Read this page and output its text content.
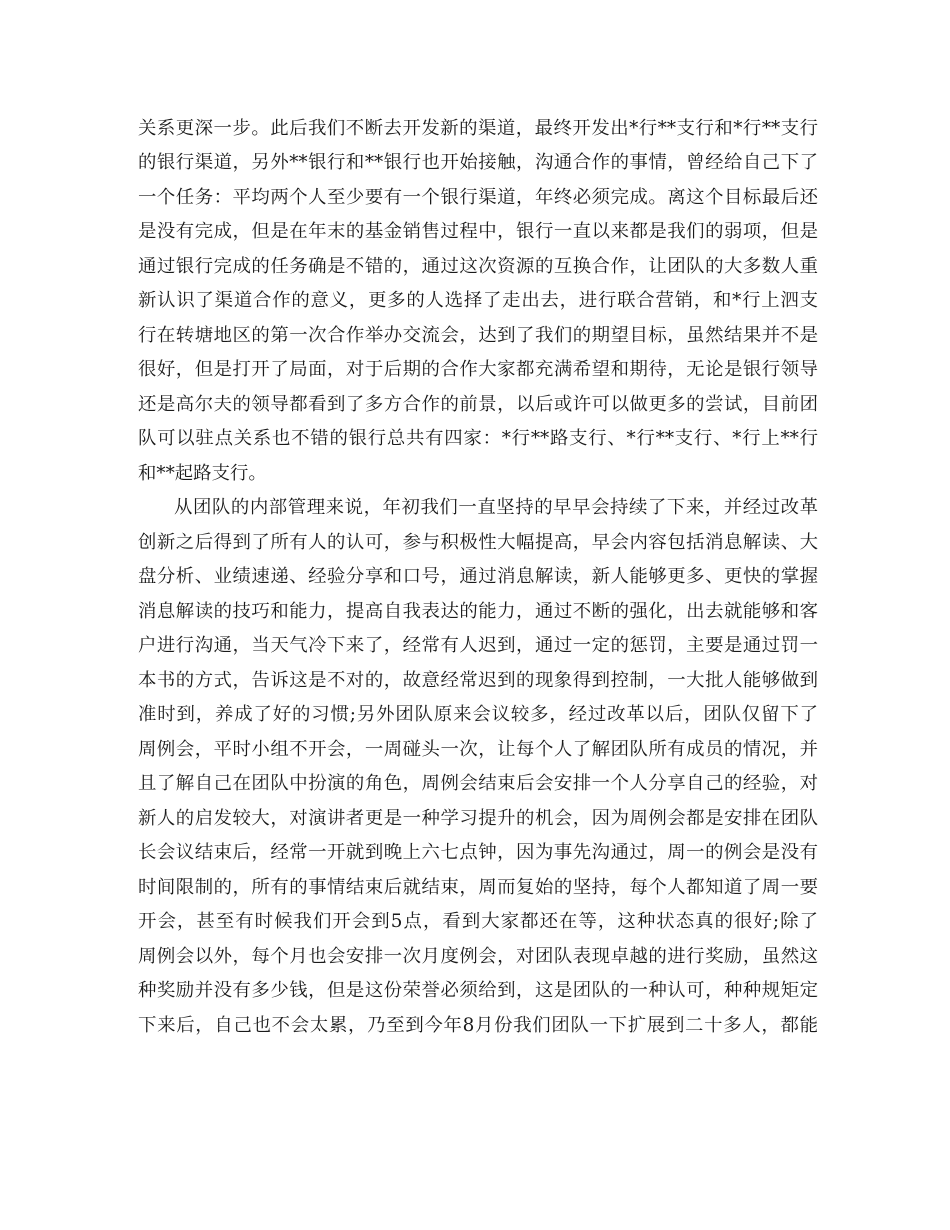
关系更深一步。此后我们不断去开发新的渠道，最终开发出*行**支行和*行**支行
的银行渠道，另外**银行和**银行也开始接触，沟通合作的事情，曾经给自己下了
一个任务：平均两个人至少要有一个银行渠道，年终必须完成。离这个目标最后还
是没有完成，但是在年末的基金销售过程中，银行一直以来都是我们的弱项，但是
通过银行完成的任务确是不错的，通过这次资源的互换合作，让团队的大多数人重
新认识了渠道合作的意义，更多的人选择了走出去，进行联合营销，和*行上泗支
行在转塘地区的第一次合作举办交流会，达到了我们的期望目标，虽然结果并不是
很好，但是打开了局面，对于后期的合作大家都充满希望和期待，无论是银行领导
还是高尔夫的领导都看到了多方合作的前景，以后或许可以做更多的尝试，目前团
队可以驻点关系也不错的银行总共有四家：*行**路支行、*行**支行、*行上**行
和**起路支行。
从团队的内部管理来说，年初我们一直坚持的早早会持续了下来，并经过改革
创新之后得到了所有人的认可，参与积极性大幅提高，早会内容包括消息解读、大
盘分析、业绩速递、经验分享和口号，通过消息解读，新人能够更多、更快的掌握
消息解读的技巧和能力，提高自我表达的能力，通过不断的强化，出去就能够和客
户进行沟通，当天气冷下来了，经常有人迟到，通过一定的惩罚，主要是通过罚一
本书的方式，告诉这是不对的，故意经常迟到的现象得到控制，一大批人能够做到
准时到，养成了好的习惯;另外团队原来会议较多，经过改革以后，团队仅留下了
周例会，平时小组不开会，一周碰头一次，让每个人了解团队所有成员的情况，并
且了解自己在团队中扮演的角色，周例会结束后会安排一个人分享自己的经验，对
新人的启发较大，对演讲者更是一种学习提升的机会，因为周例会都是安排在团队
长会议结束后，经常一开就到晚上六七点钟，因为事先沟通过，周一的例会是没有
时间限制的，所有的事情结束后就结束，周而复始的坚持，每个人都知道了周一要
开会，甚至有时候我们开会到5点，看到大家都还在等，这种状态真的很好;除了
周例会以外，每个月也会安排一次月度例会，对团队表现卓越的进行奖励，虽然这
种奖励并没有多少钱，但是这份荣誉必须给到，这是团队的一种认可，种种规矩定
下来后，自己也不会太累，乃至到今年8月份我们团队一下扩展到二十多人，都能
